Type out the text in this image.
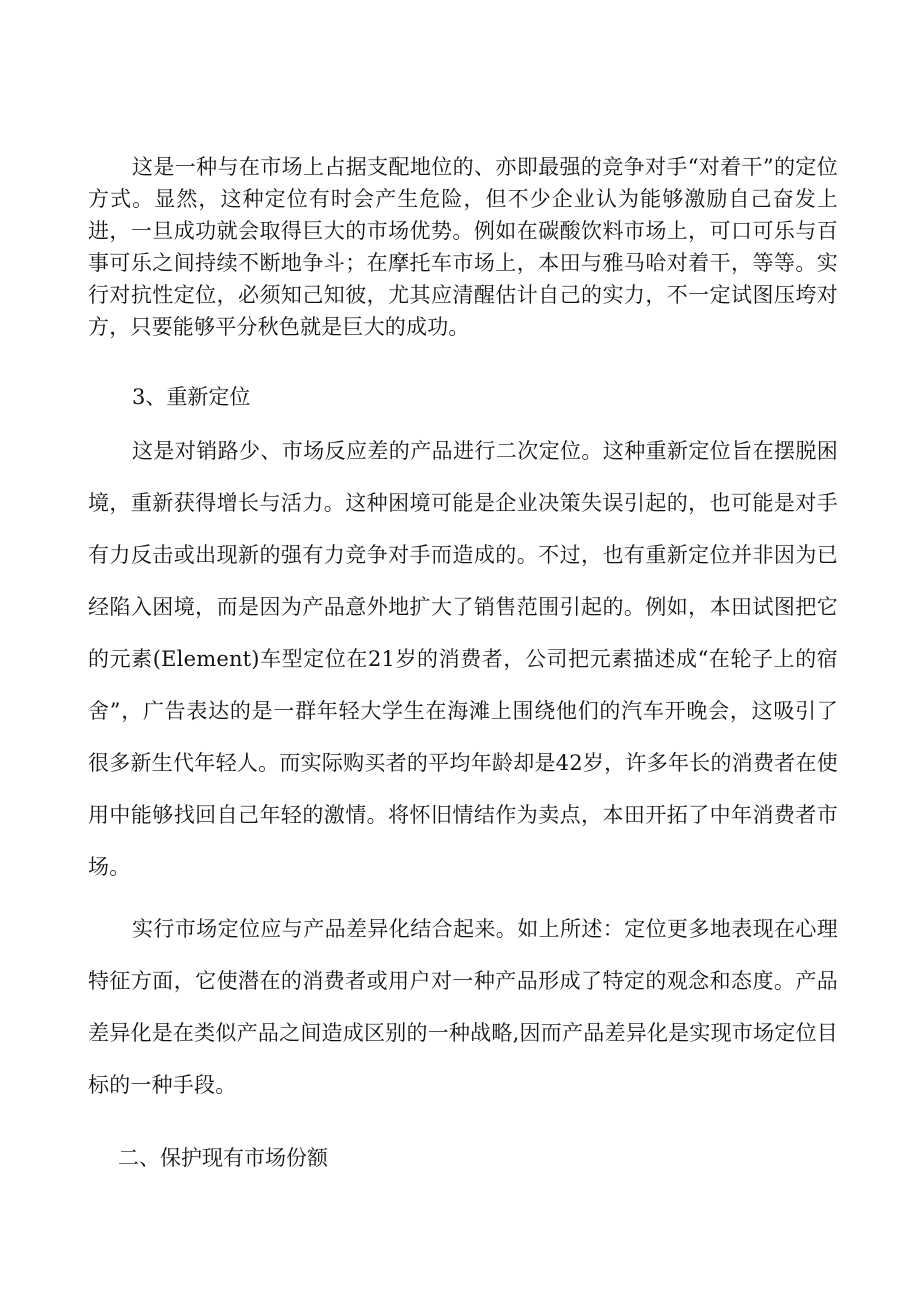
这是一种与在市场上占据支配地位的、亦即最强的竞争对手“对着干”的定位方式。显然，这种定位有时会产生危险，但不少企业认为能够激励自己奋发上进，一旦成功就会取得巨大的市场优势。例如在碳酸饮料市场上，可口可乐与百事可乐之间持续不断地争斗；在摩托车市场上，本田与雅马哈对着干，等等。实行对抗性定位，必须知己知彼，尤其应清醒估计自己的实力，不一定试图压垮对方，只要能够平分秋色就是巨大的成功。

3、重新定位

这是对销路少、市场反应差的产品进行二次定位。这种重新定位旨在摆脱困境，重新获得增长与活力。这种困境可能是企业决策失误引起的，也可能是对手有力反击或出现新的强有力竞争对手而造成的。不过，也有重新定位并非因为已经陷入困境，而是因为产品意外地扩大了销售范围引起的。例如，本田试图把它的元素(Element)车型定位在21岁的消费者，公司把元素描述成“在轮子上的宿舍”，广告表达的是一群年轻大学生在海滩上围绕他们的汽车开晚会，这吸引了很多新生代年轻人。而实际购买者的平均年龄却是42岁，许多年长的消费者在使用中能够找回自己年轻的激情。将怀旧情结作为卖点，本田开拓了中年消费者市场。

实行市场定位应与产品差异化结合起来。如上所述：定位更多地表现在心理特征方面，它使潜在的消费者或用户对一种产品形成了特定的观念和态度。产品差异化是在类似产品之间造成区别的一种战略,因而产品差异化是实现市场定位目标的一种手段。

二、保护现有市场份额
